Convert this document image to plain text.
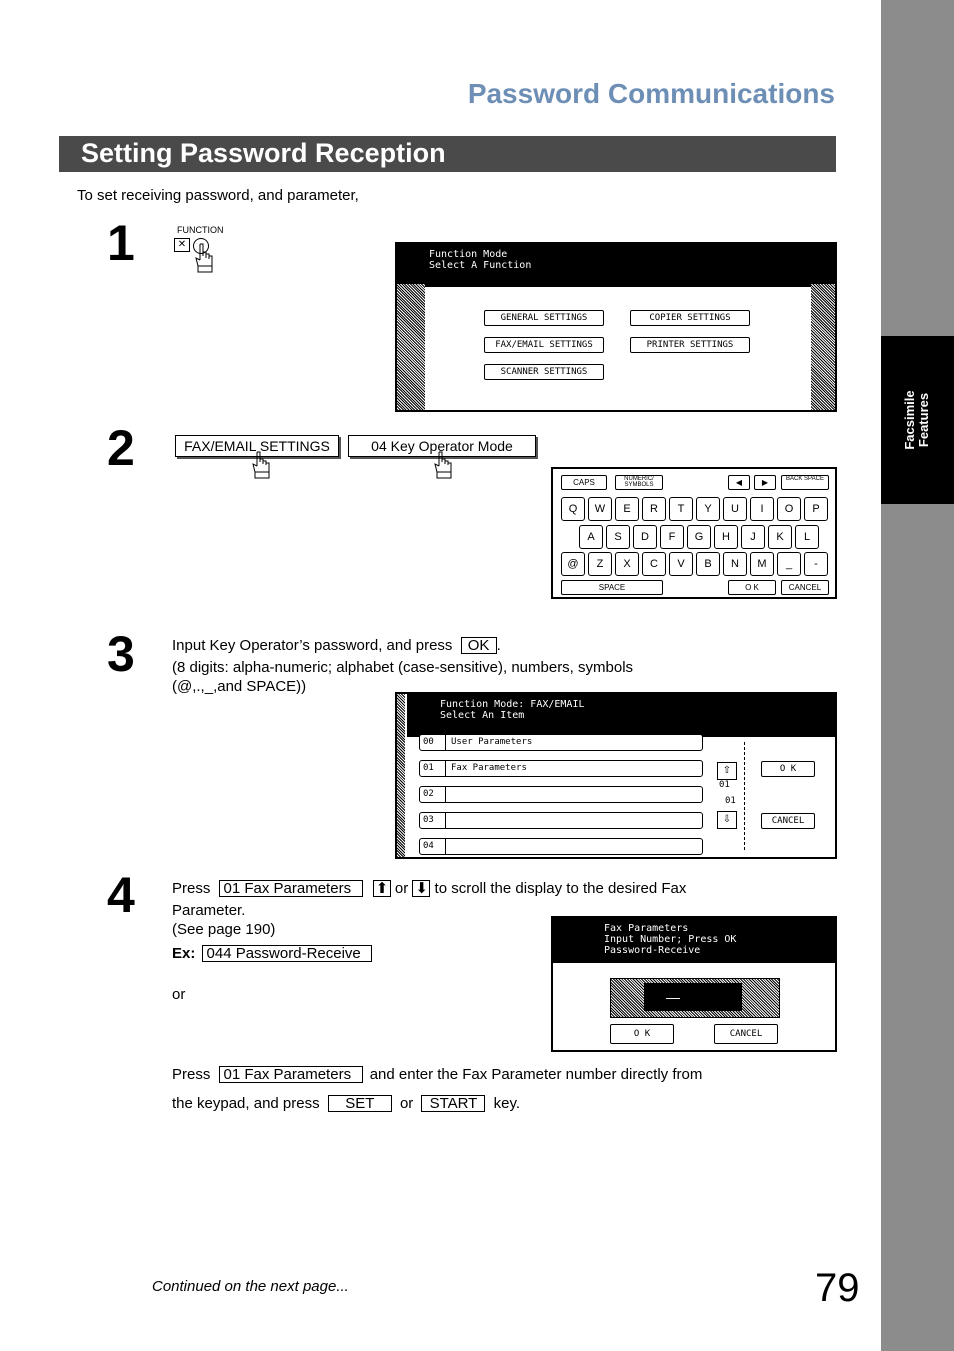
Facsimile Features
Password Communications
Setting Password Reception
To set receiving password, and parameter,
1	FUNCTION
✕
Function Mode
Select A Function
GENERAL SETTINGS	COPIER SETTINGS
FAX/EMAIL SETTINGS	PRINTER SETTINGS
SCANNER SETTINGS
2	FAX/EMAIL SETTINGS	04 Key Operator Mode
CAPS	NUMERIC/ SYMBOLS	◀	▶	BACK SPACE
Q	W	E	R	T	Y	U	I	O	P
A	S	D	F	G	H	J	K	L
@	Z	X	C	V	B	N	M	_	-
SPACE	O K	CANCEL
3 Input Key Operator’s password, and press OK .
(8 digits: alpha-numeric; alphabet (case-sensitive), numbers, symbols
(@,.,_,and SPACE))
Function Mode: FAX/EMAIL
Select An Item
00 User Parameters
01 Fax Parameters
02
03
04
⇧
01
01
⇩
O K
CANCEL
4 Press 01 Fax Parameters ⬆ or ⬇ to scroll the display to the desired Fax
Parameter.
(See page 190)
Ex: 044 Password-Receive
or
Fax Parameters
Input Number; Press OK
Password-Receive
—
O K	CANCEL
Press 01 Fax Parameters and enter the Fax Parameter number directly from
the keypad, and press SET or START key.
Continued on the next page...	79
